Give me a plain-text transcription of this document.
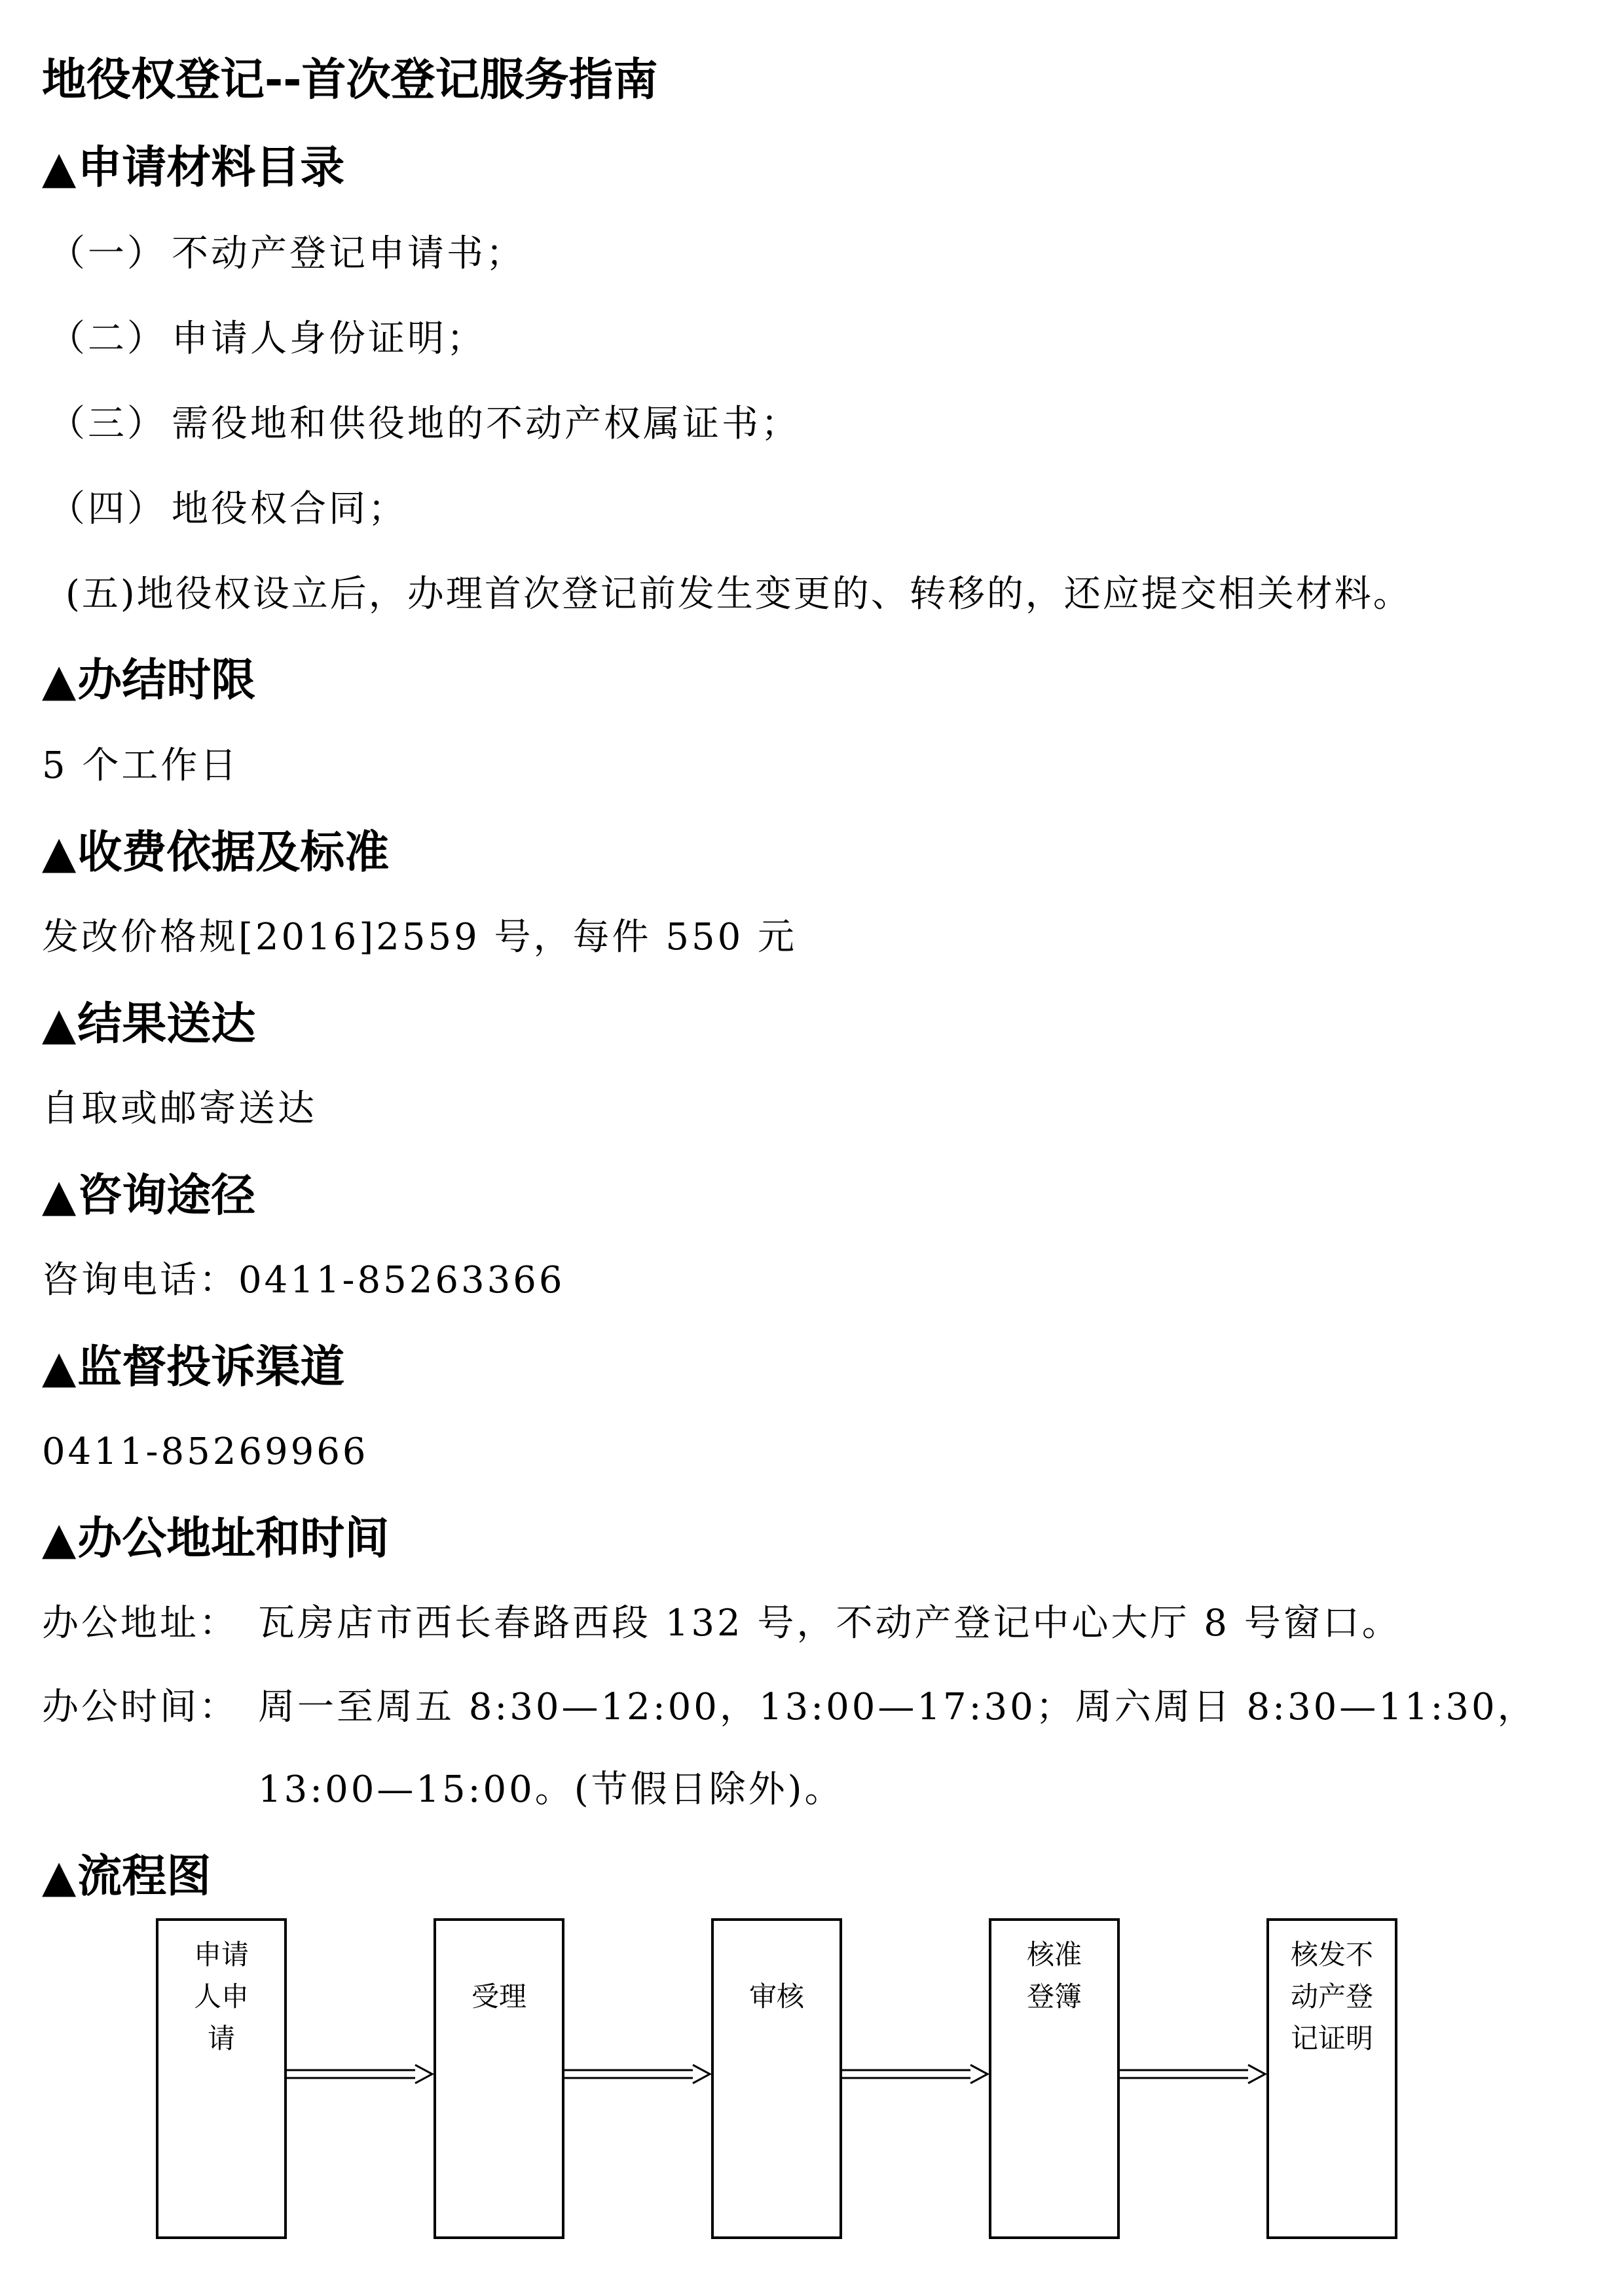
地役权登记--首次登记服务指南
▲申请材料目录
（一） 不动产登记申请书；
（二） 申请人身份证明；
（三） 需役地和供役地的不动产权属证书；
（四） 地役权合同；
(五)地役权设立后，办理首次登记前发生变更的、转移的，还应提交相关材料。
▲办结时限
5 个工作日
▲收费依据及标准
发改价格规[2016]2559 号，每件 550 元
▲结果送达
自取或邮寄送达
▲咨询途径
咨询电话：0411-85263366
▲监督投诉渠道
0411-85269966
▲办公地址和时间
办公地址： 瓦房店市西长春路西段 132 号，不动产登记中心大厅 8 号窗口。
办公时间： 周一至周五 8:30—12:00，13:00—17:30；周六周日 8:30—11:30，
13:00—15:00。(节假日除外)。
▲流程图
申请人申请
受理	审核
核准登簿
核发不动产登记证明
